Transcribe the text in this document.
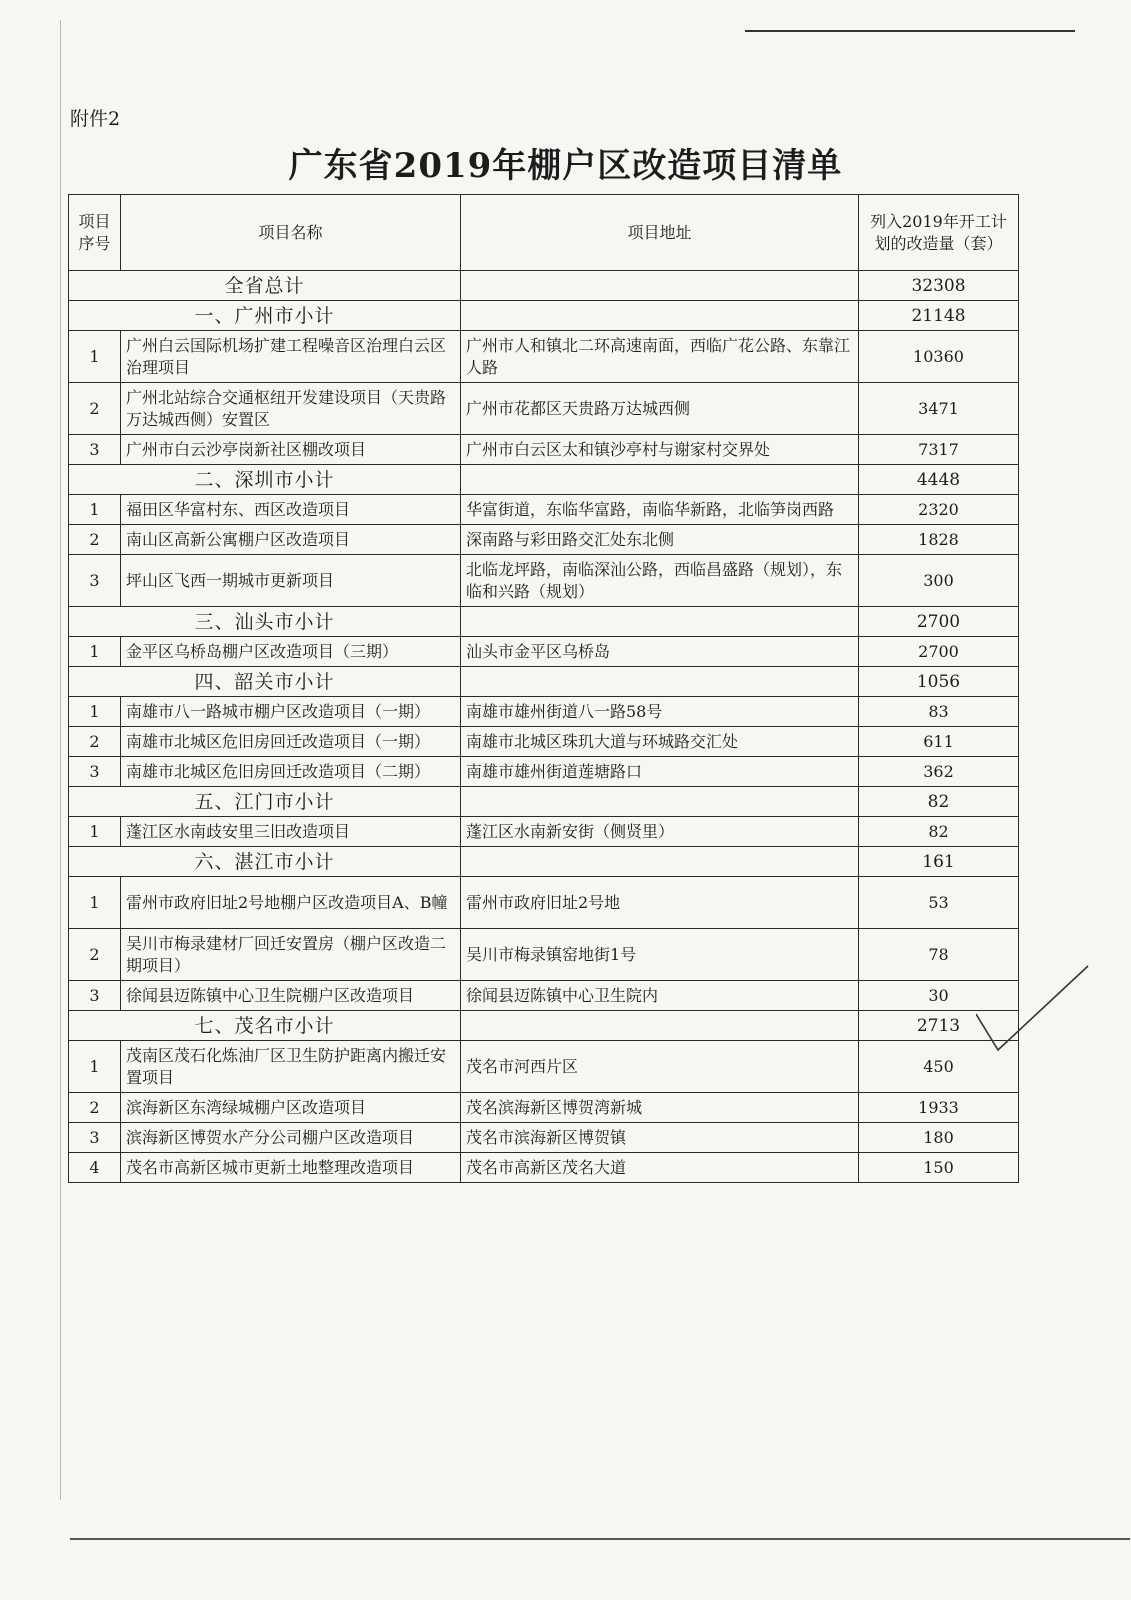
附件2
广东省2019年棚户区改造项目清单
项目序号	项目名称	项目地址	列入2019年开工计划的改造量（套）
全省总计			32308
一、广州市小计			21148
1	广州白云国际机场扩建工程噪音区治理白云区治理项目	广州市人和镇北二环高速南面，西临广花公路、东靠江人路	10360
2	广州北站综合交通枢纽开发建设项目（天贵路万达城西侧）安置区	广州市花都区天贵路万达城西侧	3471
3	广州市白云沙亭岗新社区棚改项目	广州市白云区太和镇沙亭村与谢家村交界处	7317
二、深圳市小计			4448
1	福田区华富村东、西区改造项目	华富街道，东临华富路，南临华新路，北临笋岗西路	2320
2	南山区高新公寓棚户区改造项目	深南路与彩田路交汇处东北侧	1828
3	坪山区飞西一期城市更新项目	北临龙坪路，南临深汕公路，西临昌盛路（规划），东临和兴路（规划）	300
三、汕头市小计			2700
1	金平区乌桥岛棚户区改造项目（三期）	汕头市金平区乌桥岛	2700
四、韶关市小计			1056
1	南雄市八一路城市棚户区改造项目（一期）	南雄市雄州街道八一路58号	83
2	南雄市北城区危旧房回迁改造项目（一期）	南雄市北城区珠玑大道与环城路交汇处	611
3	南雄市北城区危旧房回迁改造项目（二期）	南雄市雄州街道莲塘路口	362
五、江门市小计			82
1	蓬江区水南歧安里三旧改造项目	蓬江区水南新安街（侧贤里）	82
六、湛江市小计			161
1	雷州市政府旧址2号地棚户区改造项目A、B幢	雷州市政府旧址2号地	53
2	吴川市梅录建材厂回迁安置房（棚户区改造二期项目）	吴川市梅录镇窑地街1号	78
3	徐闻县迈陈镇中心卫生院棚户区改造项目	徐闻县迈陈镇中心卫生院内	30
七、茂名市小计			2713
1	茂南区茂石化炼油厂区卫生防护距离内搬迁安置项目	茂名市河西片区	450
2	滨海新区东湾绿城棚户区改造项目	茂名滨海新区博贺湾新城	1933
3	滨海新区博贺水产分公司棚户区改造项目	茂名市滨海新区博贺镇	180
4	茂名市高新区城市更新土地整理改造项目	茂名市高新区茂名大道	150
